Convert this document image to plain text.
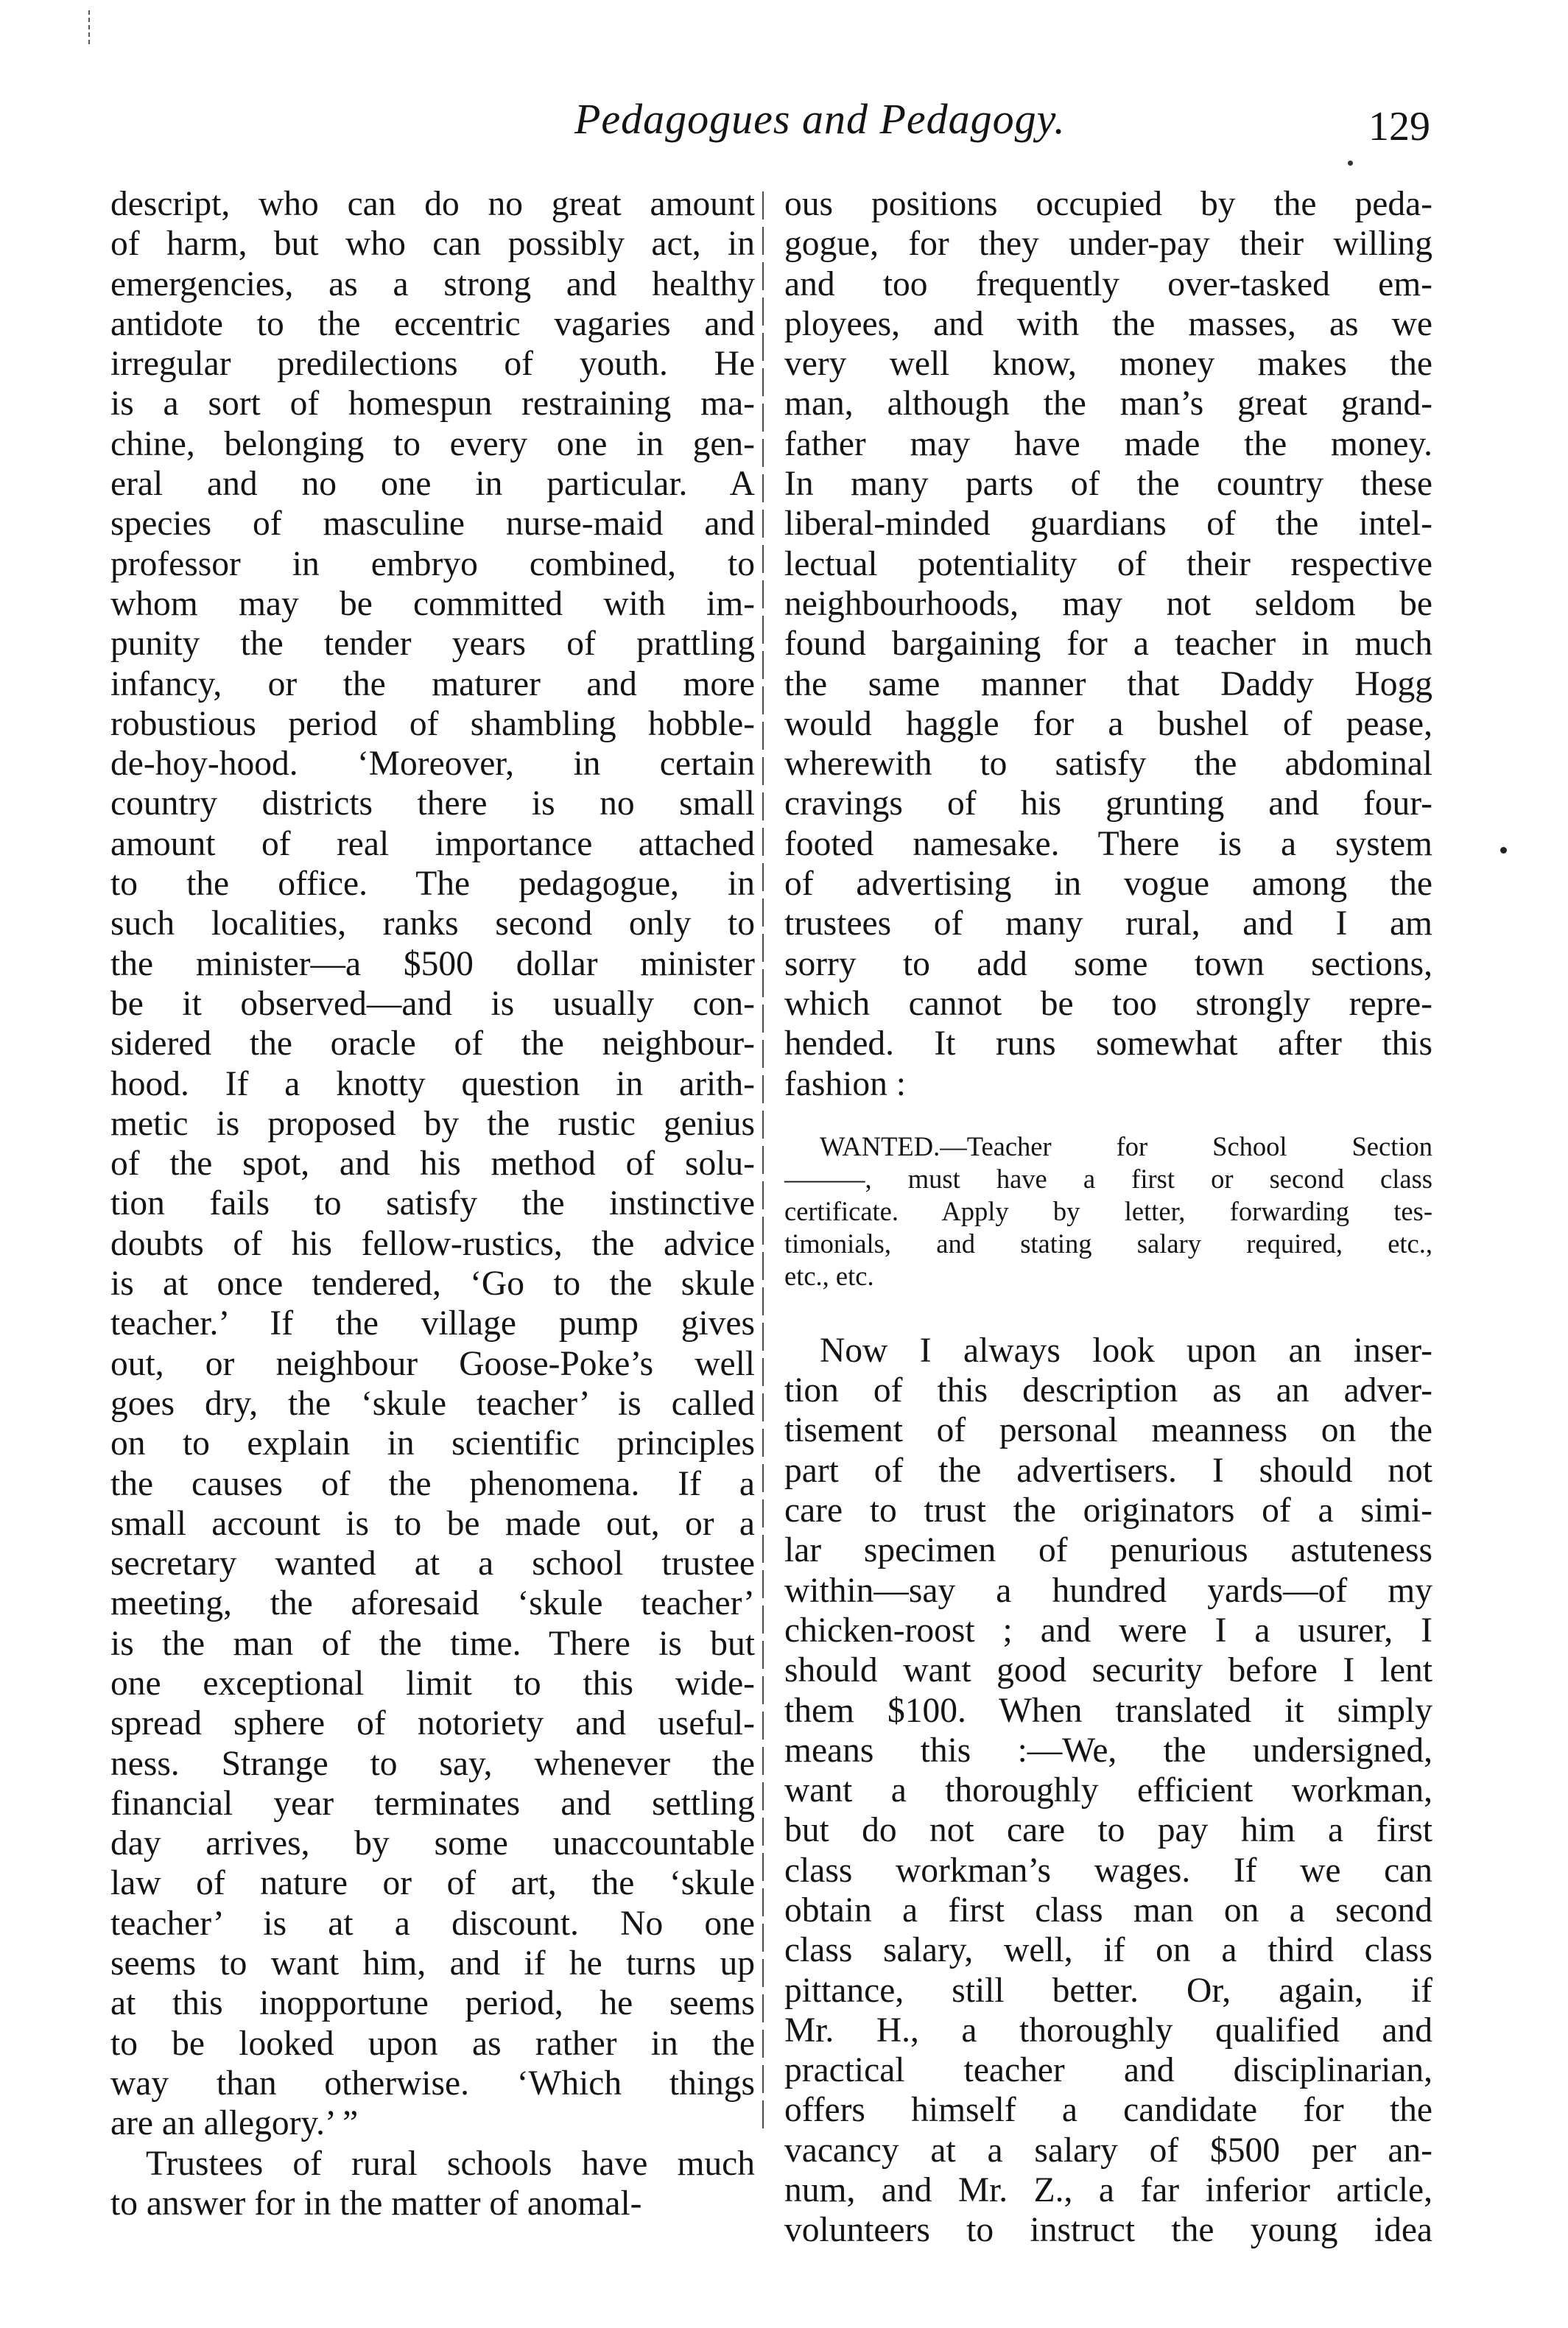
Pedagogues and Pedagogy.	129
descript, who can do no great amount
of harm, but who can possibly act, in
emergencies, as a strong and healthy
antidote to the eccentric vagaries and
irregular predilections of youth. He
is a sort of homespun restraining ma-
chine, belonging to every one in gen-
eral and no one in particular. A
species of masculine nurse-maid and
professor in embryo combined, to
whom may be committed with im-
punity the tender years of prattling
infancy, or the maturer and more
robustious period of shambling hobble-
de-hoy-hood. ‘Moreover, in certain
country districts there is no small
amount of real importance attached
to the office. The pedagogue, in
such localities, ranks second only to
the minister—a $500 dollar minister
be it observed—and is usually con-
sidered the oracle of the neighbour-
hood. If a knotty question in arith-
metic is proposed by the rustic genius
of the spot, and his method of solu-
tion fails to satisfy the instinctive
doubts of his fellow-rustics, the advice
is at once tendered, ‘Go to the skule
teacher.’ If the village pump gives
out, or neighbour Goose-Poke’s well
goes dry, the ‘skule teacher’ is called
on to explain in scientific principles
the causes of the phenomena. If a
small account is to be made out, or a
secretary wanted at a school trustee
meeting, the aforesaid ‘skule teacher’
is the man of the time. There is but
one exceptional limit to this wide-
spread sphere of notoriety and useful-
ness. Strange to say, whenever the
financial year terminates and settling
day arrives, by some unaccountable
law of nature or of art, the ‘skule
teacher’ is at a discount. No one
seems to want him, and if he turns up
at this inopportune period, he seems
to be looked upon as rather in the
way than otherwise. ‘Which things
are an allegory.’ ”
Trustees of rural schools have much
to answer for in the matter of anomal-
ous positions occupied by the peda-
gogue, for they under-pay their willing
and too frequently over-tasked em-
ployees, and with the masses, as we
very well know, money makes the
man, although the man’s great grand-
father may have made the money.
In many parts of the country these
liberal-minded guardians of the intel-
lectual potentiality of their respective
neighbourhoods, may not seldom be
found bargaining for a teacher in much
the same manner that Daddy Hogg
would haggle for a bushel of pease,
wherewith to satisfy the abdominal
cravings of his grunting and four-
footed namesake. There is a system
of advertising in vogue among the
trustees of many rural, and I am
sorry to add some town sections,
which cannot be too strongly repre-
hended. It runs somewhat after this
fashion :
WANTED.—Teacher for School Section
———, must have a first or second class
certificate. Apply by letter, forwarding tes-
timonials, and stating salary required, etc.,
etc., etc.
Now I always look upon an inser-
tion of this description as an adver-
tisement of personal meanness on the
part of the advertisers. I should not
care to trust the originators of a simi-
lar specimen of penurious astuteness
within—say a hundred yards—of my
chicken-roost ; and were I a usurer, I
should want good security before I lent
them $100. When translated it simply
means this :—We, the undersigned,
want a thoroughly efficient workman,
but do not care to pay him a first
class workman’s wages. If we can
obtain a first class man on a second
class salary, well, if on a third class
pittance, still better. Or, again, if
Mr. H., a thoroughly qualified and
practical teacher and disciplinarian,
offers himself a candidate for the
vacancy at a salary of $500 per an-
num, and Mr. Z., a far inferior article,
volunteers to instruct the young idea
